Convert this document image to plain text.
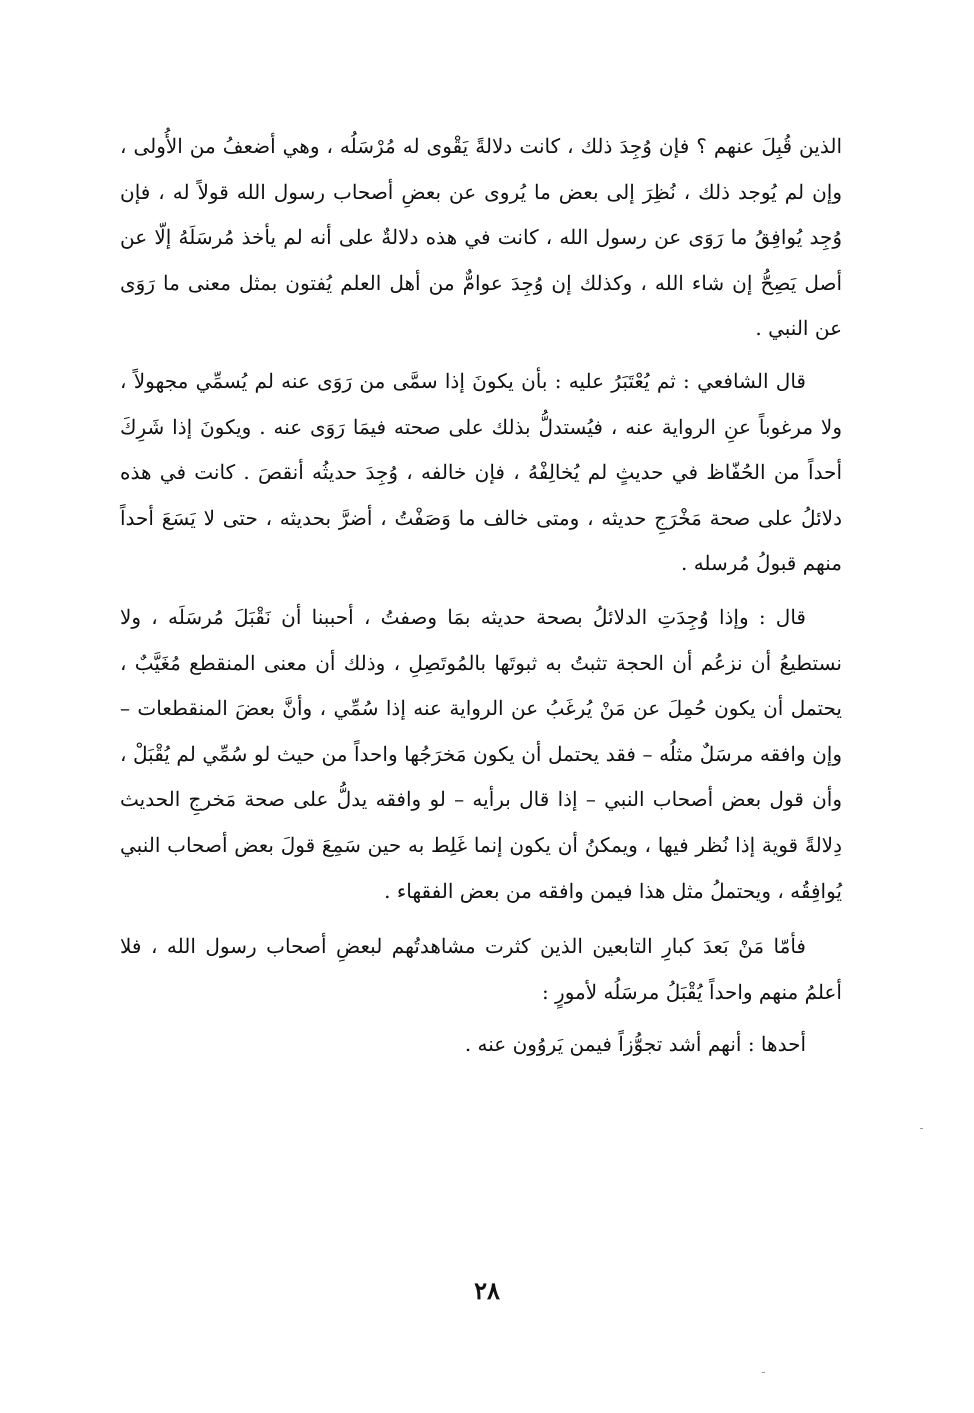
الذين قُبِلَ عنهم ؟ فإن وُجِدَ ذلك ، كانت دلالةً يَقْوى له مُرْسَلُه ، وهي أضعفُ من الأُولى ، وإن لم يُوجد ذلك ، نُظِرَ إلى بعض ما يُروى عن بعضِ أصحاب رسول الله قولاً له ، فإن وُجِد يُوافِقُ ما رَوَى عن رسول الله ، كانت في هذه دلالةٌ على أنه لم يأخذ مُرسَلَهُ إلّا عن أصل يَصِحُّ إن شاء الله ، وكذلك إن وُجِدَ عوامٌّ من أهل العلم يُفتون بمثل معنى ما رَوَى عن النبي .

قال الشافعي : ثم يُعْتَبَرُ عليه : بأن يكونَ إذا سمَّى من رَوَى عنه لم يُسمِّي مجهولاً ، ولا مرغوباً عنِ الرواية عنه ، فيُستدلُّ بذلك على صحته فيمَا رَوَى عنه . ويكونَ إذا شَرِكَ أحداً من الحُفّاظ في حديثٍ لم يُخالِفْهُ ، فإن خالفه ، وُجِدَ حديثُه أنقصَ . كانت في هذه دلائلُ على صحة مَخْرَجِ حديثه ، ومتى خالف ما وَصَفْتُ ، أضرَّ بحديثه ، حتى لا يَسَعَ أحداً منهم قبولُ مُرسله .

قال : وإذا وُجِدَتِ الدلائلُ بصحة حديثه بمَا وصفتُ ، أحببنا أن نَقْبَلَ مُرسَلَه ، ولا نستطيعُ أن نزعُم أن الحجة تثبتُ به ثبوتَها بالمُوتَصِلِ ، وذلك أن معنى المنقطع مُغَيَّبٌ ، يحتمل أن يكون حُمِلَ عن مَنْ يُرغَبُ عن الرواية عنه إذا سُمِّي ، وأنَّ بعضَ المنقطعات – وإن وافقه مرسَلٌ مثلُه – فقد يحتمل أن يكون مَخرَجُها واحداً من حيث لو سُمِّي لم يُقْبَلْ ، وأن قول بعض أصحاب النبي – إذا قال برأيه – لو وافقه يدلُّ على صحة مَخرجِ الحديث دِلالةً قوية إذا نُظر فيها ، ويمكنُ أن يكون إنما غَلِط به حين سَمِعَ قولَ بعض أصحاب النبي يُوافِقُه ، ويحتملُ مثل هذا فيمن وافقه من بعض الفقهاء .

فأمّا مَنْ بَعدَ كبارِ التابعين الذين كثرت مشاهدتُهم لبعضِ أصحاب رسول الله ، فلا أعلمُ منهم واحداً يُقْبَلُ مرسَلُه لأمورٍ :

أحدها : أنهم أشد تجوُّزاً فيمن يَروُون عنه .

٢٨
